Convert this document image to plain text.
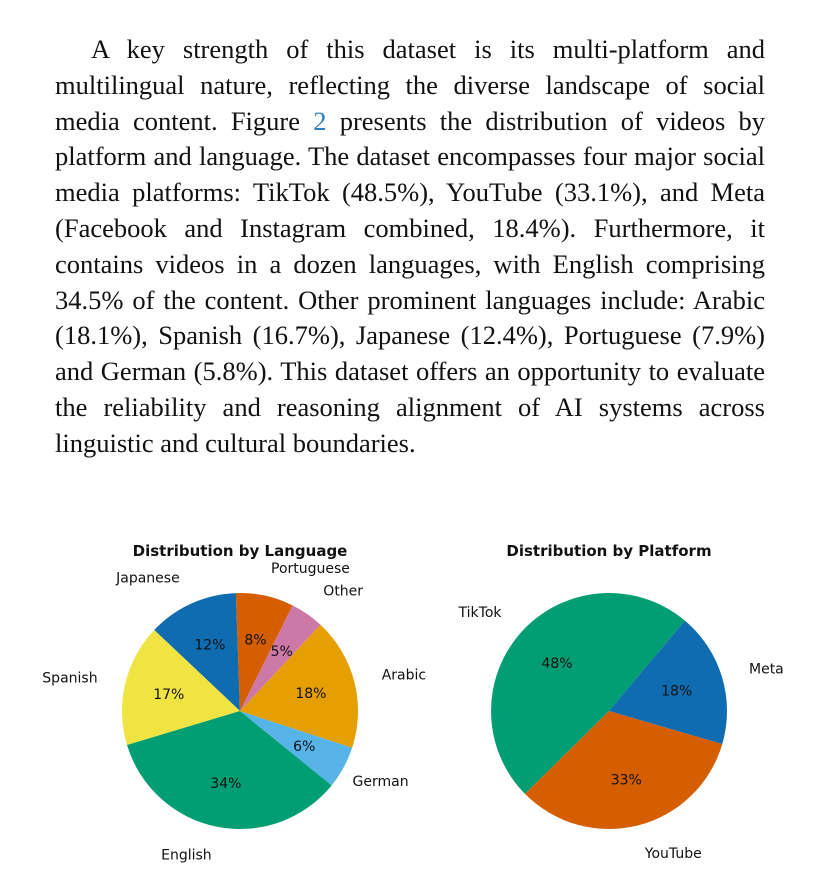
A key strength of this dataset is its multi-platform and multilingual nature, reflecting the diverse landscape of social media content. Figure 2 presents the distribution of videos by platform and language. The dataset encompasses four major social media platforms: TikTok (48.5%), YouTube (33.1%), and Meta (Facebook and Instagram combined, 18.4%). Furthermore, it contains videos in a dozen languages, with English comprising 34.5% of the content. Other prominent languages include: Arabic (18.1%), Spanish (16.7%), Japanese (12.4%), Portuguese (7.9%) and German (5.8%). This dataset offers an opportunity to evaluate the reliability and reasoning alignment of AI systems across linguistic and cultural boundaries.

Distribution by Language
12%
Japanese
17%
Spanish
34%
English
6%
German
18%
Arabic
5%
Other
8%
Portuguese
Distribution by Platform
48%
TikTok
33%
YouTube
18%
Meta
